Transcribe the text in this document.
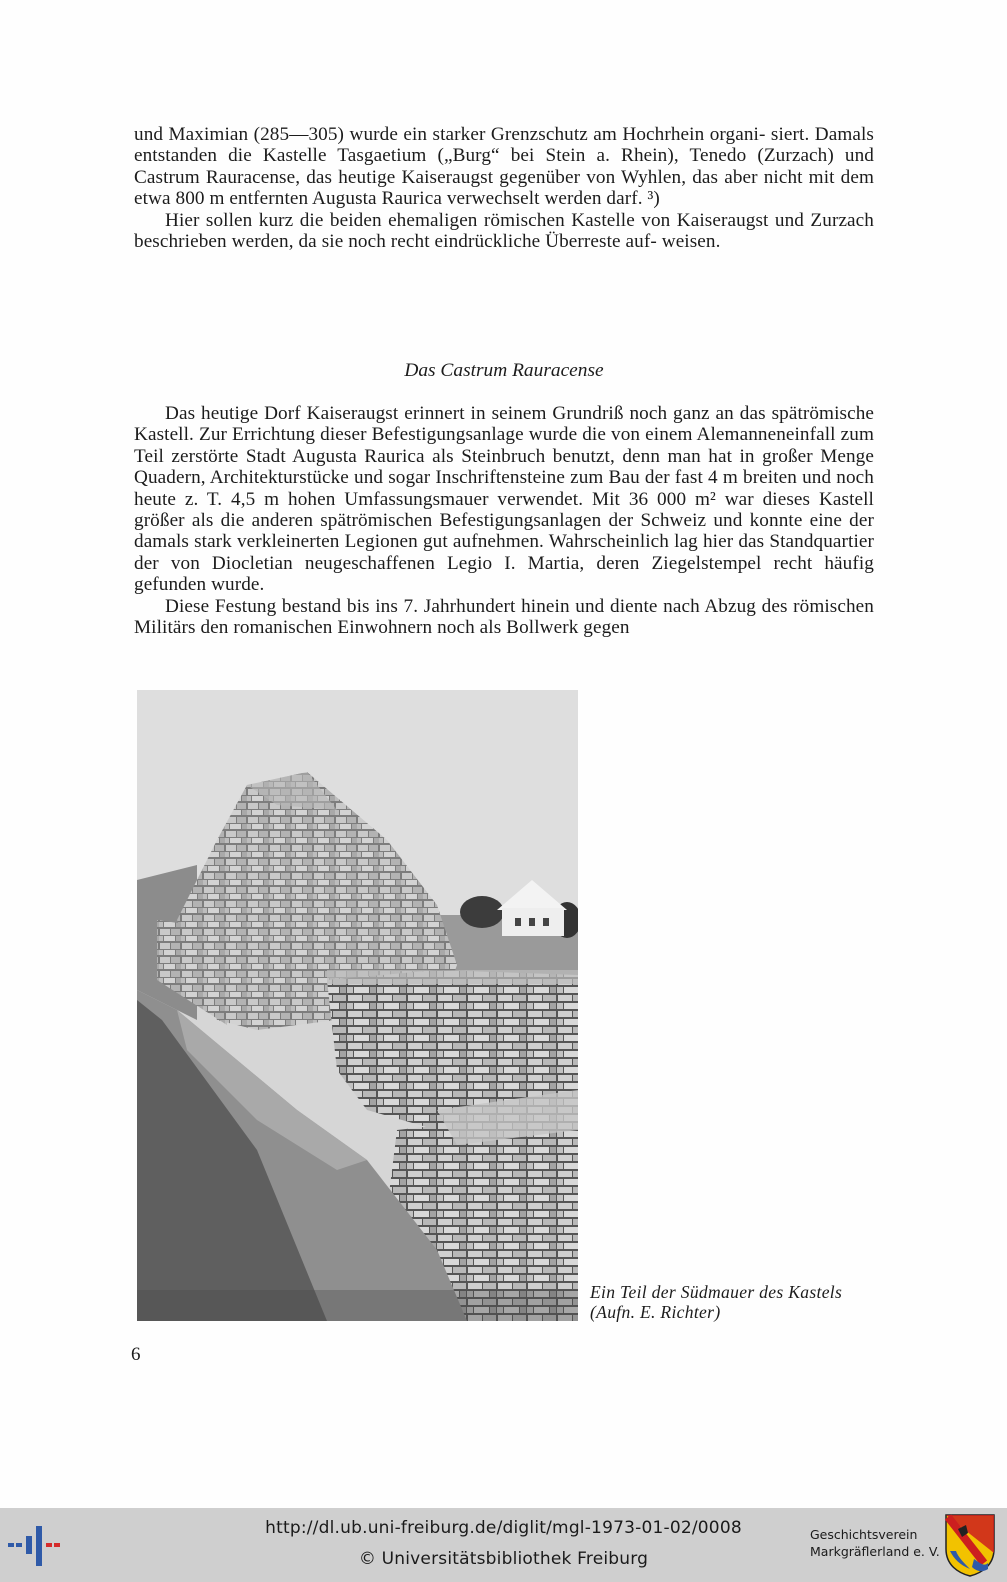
und Maximian (285—305) wurde ein starker Grenzschutz am Hochrhein organi- siert. Damals entstanden die Kastelle Tasgaetium („Burg“ bei Stein a. Rhein), Tenedo (Zurzach) und Castrum Rauracense, das heutige Kaiseraugst gegenüber von Wyhlen, das aber nicht mit dem etwa 800 m entfernten Augusta Raurica verwechselt werden darf. ³)

Hier sollen kurz die beiden ehemaligen römischen Kastelle von Kaiseraugst und Zurzach beschrieben werden, da sie noch recht eindrückliche Überreste auf- weisen.

Das Castrum Rauracense

Das heutige Dorf Kaiseraugst erinnert in seinem Grundriß noch ganz an das spätrömische Kastell. Zur Errichtung dieser Befestigungsanlage wurde die von einem Alemanneneinfall zum Teil zerstörte Stadt Augusta Raurica als Steinbruch benutzt, denn man hat in großer Menge Quadern, Architekturstücke und sogar Inschriftensteine zum Bau der fast 4 m breiten und noch heute z. T. 4,5 m hohen Umfassungsmauer verwendet. Mit 36 000 m² war dieses Kastell größer als die anderen spätrömischen Befestigungsanlagen der Schweiz und konnte eine der damals stark verkleinerten Legionen gut aufnehmen. Wahrscheinlich lag hier das Standquartier der von Diocletian neugeschaffenen Legio I. Martia, deren Ziegelstempel recht häufig gefunden wurde.

Diese Festung bestand bis ins 7. Jahrhundert hinein und diente nach Abzug des römischen Militärs den romanischen Einwohnern noch als Bollwerk gegen

Ein Teil der Südmauer des Kastels
(Aufn. E. Richter)
6
http://dl.ub.uni-freiburg.de/diglit/mgl-1973-01-02/0008
© Universitätsbibliothek Freiburg
Geschichtsverein
Markgräflerland e. V.
